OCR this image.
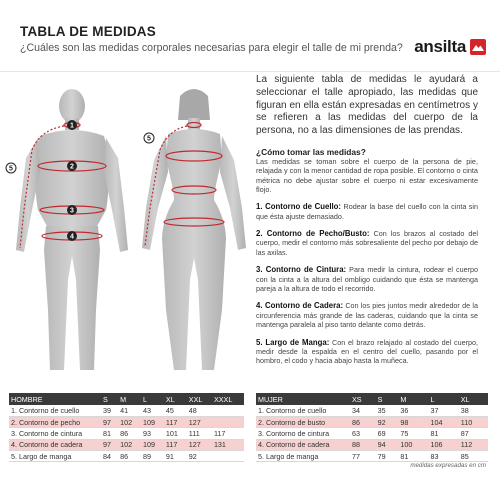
TABLA DE MEDIDAS
¿Cuáles son las medidas corporales necesarias para elegir el talle de mi prenda? ansilta
1
2
3
4
5
5

La siguiente tabla de medidas le ayudará a seleccionar el talle apropiado, las medidas que figuran en ella están expresadas en centímetros y se refieren a las medidas del cuerpo de la persona, no a las dimensiones de las prendas.

¿Cómo tomar las medidas?

Las medidas se toman sobre el cuerpo de la persona de pie, relajada y con la menor cantidad de ropa posible. El contorno o cinta métrica no debe ajustar sobre el cuerpo ni estar excesivamente flojo.

1. Contorno de Cuello: Rodear la base del cuello con la cinta sin que ésta ajuste demasiado.

2. Contorno de Pecho/Busto: Con los brazos al costado del cuerpo, medir el contorno más sobresaliente del pecho por debajo de las axilas.

3. Contorno de Cintura: Para medir la cintura, rodear el cuerpo con la cinta a la altura del ombligo cuidando que ésta se mantenga pareja a la altura de todo el recorrido.

4. Contorno de Cadera: Con los pies juntos medir alrededor de la circunferencia más grande de las caderas, cuidando que la cinta se mantenga paralela al piso tanto delante como detrás.

5. Largo de Manga: Con el brazo relajado al costado del cuerpo, medir desde la espalda en el centro del cuello, pasando por el hombro, el codo y hacia abajo hasta la muñeca.

HOMBRE	S	M	L	XL	XXL	XXXL
1. Contorno de cuello	39	41	43	45	48	
2. Contorno de pecho	97	102	109	117	127	
3. Contorno de cintura	81	86	93	101	111	117
4. Contorno de cadera	97	102	109	117	127	131
5. Largo de manga	84	86	89	91	92	
MUJER	XS	S	M	L	XL
1. Contorno de cuello	34	35	36	37	38
2. Contorno de busto	86	92	98	104	110
3. Contorno de cintura	63	69	75	81	87
4. Contorno de cadera	88	94	100	106	112
5. Largo de manga	77	79	81	83	85
medidas expresadas en cm
